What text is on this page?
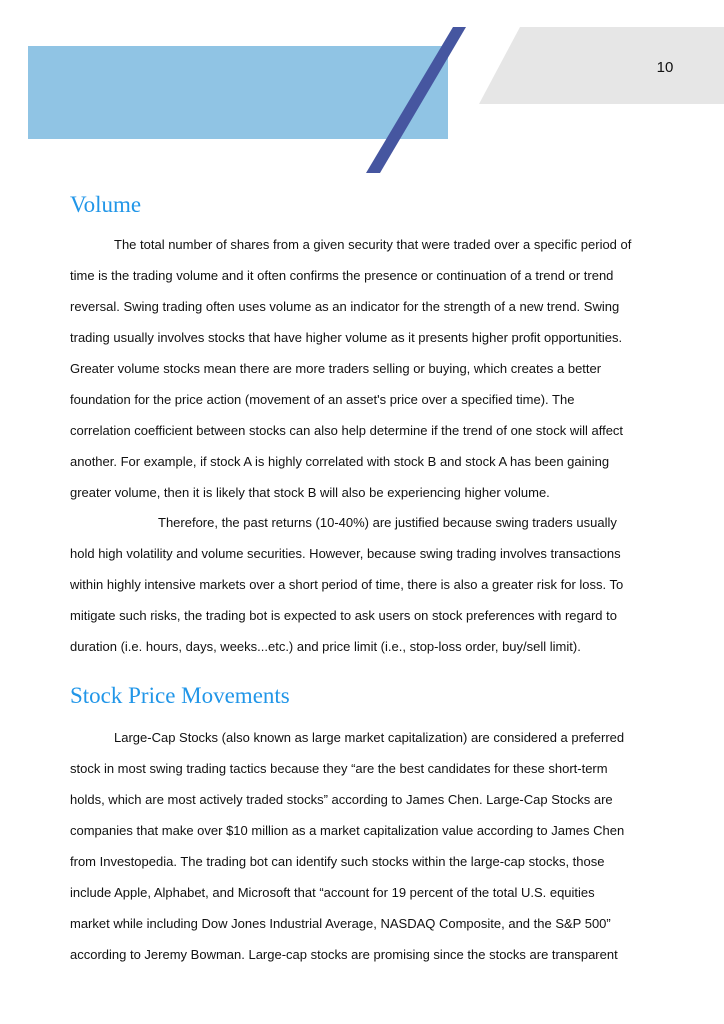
10
Volume
The total number of shares from a given security that were traded over a specific period of
time is the trading volume and it often confirms the presence or continuation of a trend or trend
reversal. Swing trading often uses volume as an indicator for the strength of a new trend. Swing
trading usually involves stocks that have higher volume as it presents higher profit opportunities.
Greater volume stocks mean there are more traders selling or buying, which creates a better
foundation for the price action (movement of an asset's price over a specified time). The
correlation coefficient between stocks can also help determine if the trend of one stock will affect
another. For example, if stock A is highly correlated with stock B and stock A has been gaining
greater volume, then it is likely that stock B will also be experiencing higher volume.
Therefore, the past returns (10-40%) are justified because swing traders usually
hold high volatility and volume securities. However, because swing trading involves transactions
within highly intensive markets over a short period of time, there is also a greater risk for loss. To
mitigate such risks, the trading bot is expected to ask users on stock preferences with regard to
duration (i.e. hours, days, weeks...etc.) and price limit (i.e., stop-loss order, buy/sell limit).
Stock Price Movements
Large-Cap Stocks (also known as large market capitalization) are considered a preferred
stock in most swing trading tactics because they “are the best candidates for these short-term
holds, which are most actively traded stocks” according to James Chen. Large-Cap Stocks are
companies that make over $10 million as a market capitalization value according to James Chen
from Investopedia. The trading bot can identify such stocks within the large-cap stocks, those
include Apple, Alphabet, and Microsoft that “account for 19 percent of the total U.S. equities
market while including Dow Jones Industrial Average, NASDAQ Composite, and the S&P 500”
according to Jeremy Bowman. Large-cap stocks are promising since the stocks are transparent
